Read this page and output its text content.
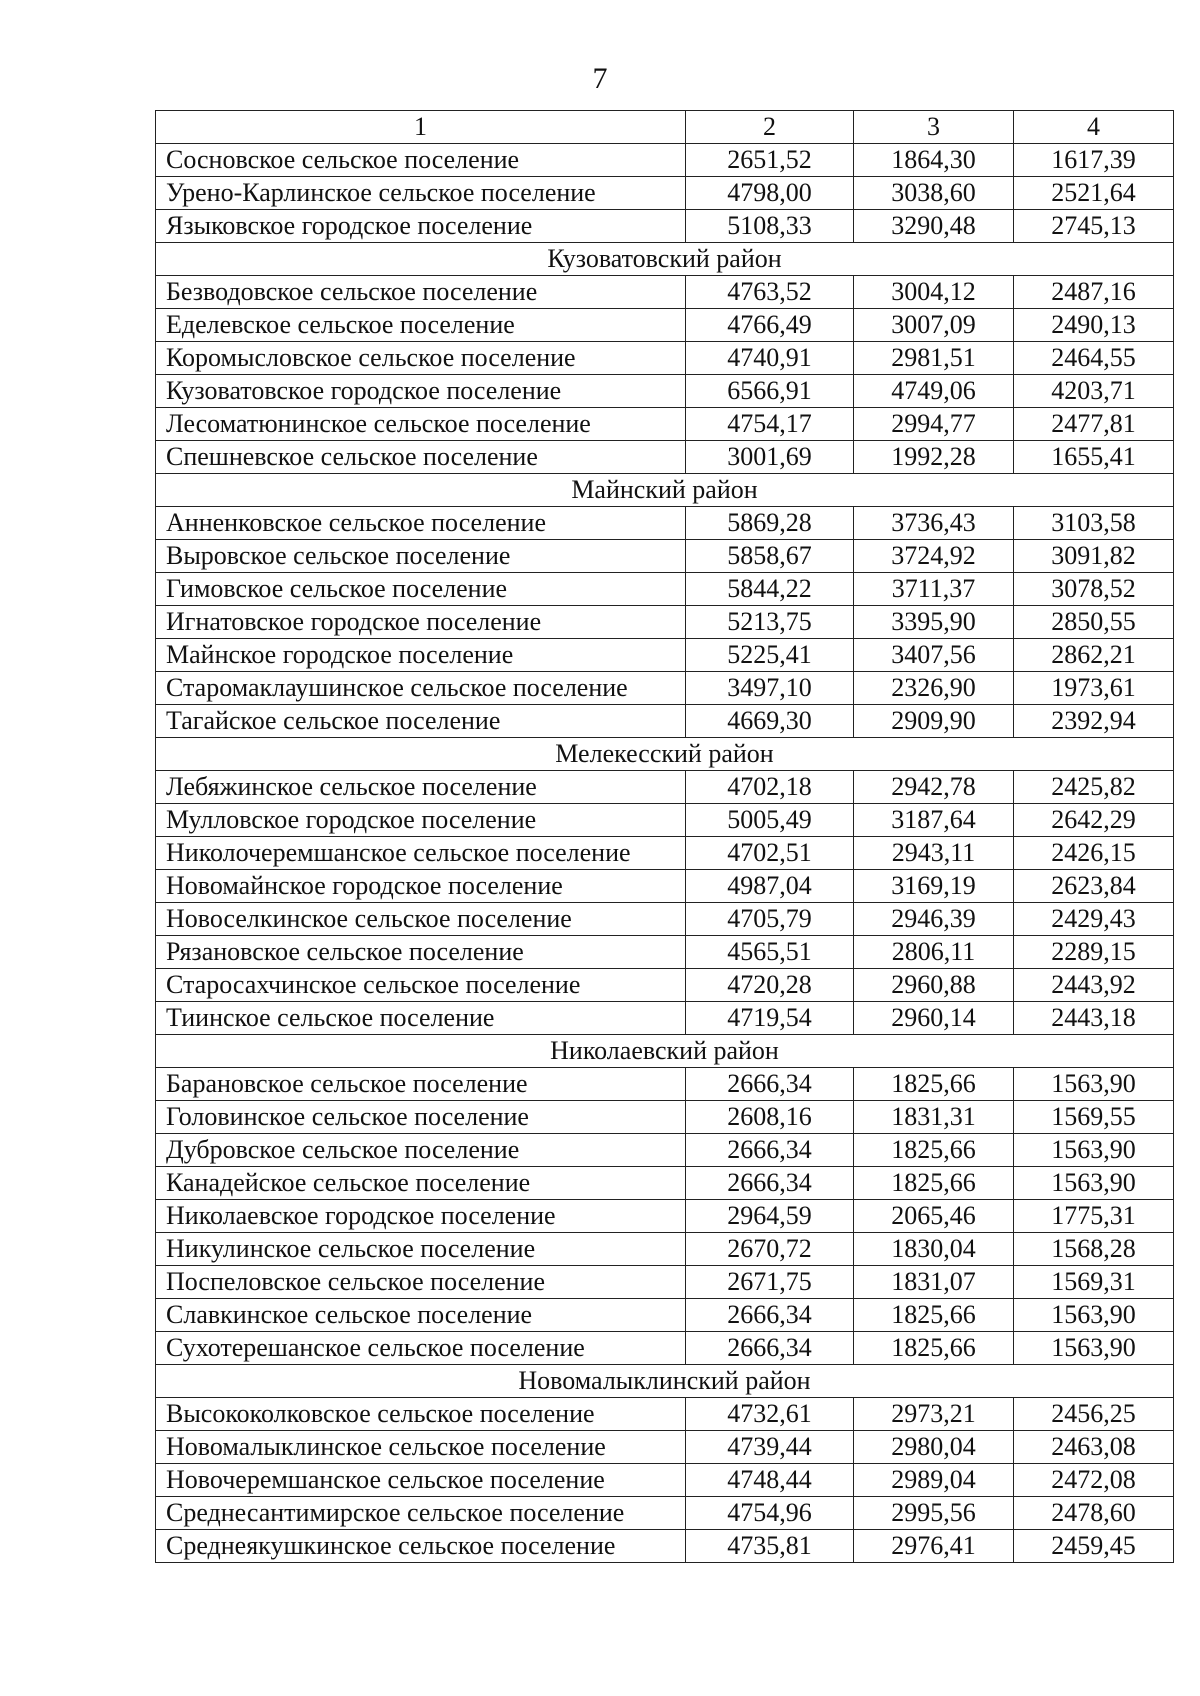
7
1	2	3	4
Сосновское сельское поселение	2651,52	1864,30	1617,39
Урено-Карлинское сельское поселение	4798,00	3038,60	2521,64
Языковское городское поселение	5108,33	3290,48	2745,13
Кузоватовский район			
Безводовское сельское поселение	4763,52	3004,12	2487,16
Еделевское сельское поселение	4766,49	3007,09	2490,13
Коромысловское сельское поселение	4740,91	2981,51	2464,55
Кузоватовское городское поселение	6566,91	4749,06	4203,71
Лесоматюнинское сельское поселение	4754,17	2994,77	2477,81
Спешневское сельское поселение	3001,69	1992,28	1655,41
Майнский район			
Анненковское сельское поселение	5869,28	3736,43	3103,58
Выровское сельское поселение	5858,67	3724,92	3091,82
Гимовское сельское поселение	5844,22	3711,37	3078,52
Игнатовское городское поселение	5213,75	3395,90	2850,55
Майнское городское поселение	5225,41	3407,56	2862,21
Старомаклаушинское сельское поселение	3497,10	2326,90	1973,61
Тагайское сельское поселение	4669,30	2909,90	2392,94
Мелекесский район			
Лебяжинское сельское поселение	4702,18	2942,78	2425,82
Мулловское городское поселение	5005,49	3187,64	2642,29
Николочеремшанское сельское поселение	4702,51	2943,11	2426,15
Новомайнское городское поселение	4987,04	3169,19	2623,84
Новоселкинское сельское поселение	4705,79	2946,39	2429,43
Рязановское сельское поселение	4565,51	2806,11	2289,15
Старосахчинское сельское поселение	4720,28	2960,88	2443,92
Тиинское сельское поселение	4719,54	2960,14	2443,18
Николаевский район			
Барановское сельское поселение	2666,34	1825,66	1563,90
Головинское сельское поселение	2608,16	1831,31	1569,55
Дубровское сельское поселение	2666,34	1825,66	1563,90
Канадейское сельское поселение	2666,34	1825,66	1563,90
Николаевское городское поселение	2964,59	2065,46	1775,31
Никулинское сельское поселение	2670,72	1830,04	1568,28
Поспеловское сельское поселение	2671,75	1831,07	1569,31
Славкинское сельское поселение	2666,34	1825,66	1563,90
Сухотерешанское сельское поселение	2666,34	1825,66	1563,90
Новомалыклинский район			
Высококолковское сельское поселение	4732,61	2973,21	2456,25
Новомалыклинское сельское поселение	4739,44	2980,04	2463,08
Новочеремшанское сельское поселение	4748,44	2989,04	2472,08
Среднесантимирское сельское поселение	4754,96	2995,56	2478,60
Среднеякушкинское сельское поселение	4735,81	2976,41	2459,45
